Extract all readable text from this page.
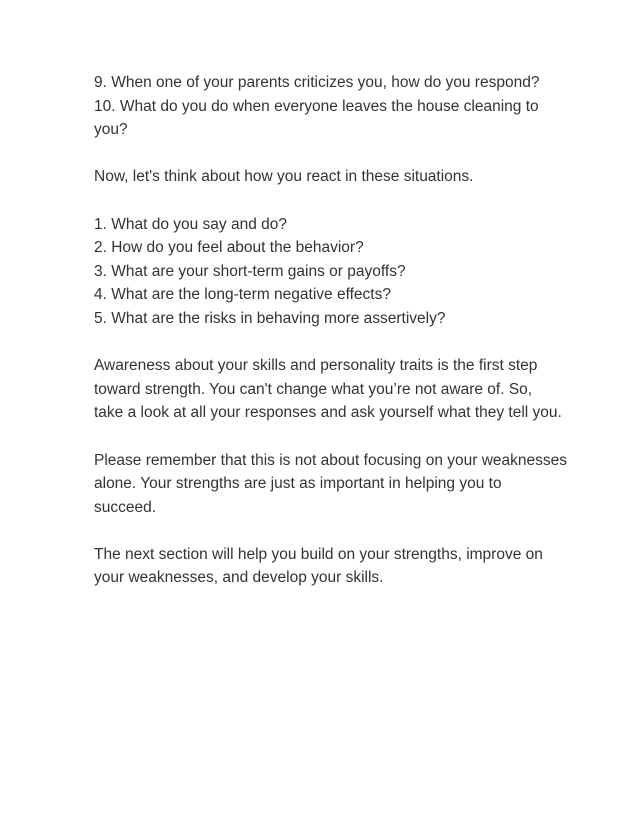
9. When one of your parents criticizes you, how do you respond?
10. What do you do when everyone leaves the house cleaning to
you?
Now, let's think about how you react in these situations.
1. What do you say and do?
2. How do you feel about the behavior?
3. What are your short-term gains or payoffs?
4. What are the long-term negative effects?
5. What are the risks in behaving more assertively?
Awareness about your skills and personality traits is the first step
toward strength. You can't change what you’re not aware of. So,
take a look at all your responses and ask yourself what they tell you.
Please remember that this is not about focusing on your weaknesses
alone. Your strengths are just as important in helping you to
succeed.
The next section will help you build on your strengths, improve on
your weaknesses, and develop your skills.
